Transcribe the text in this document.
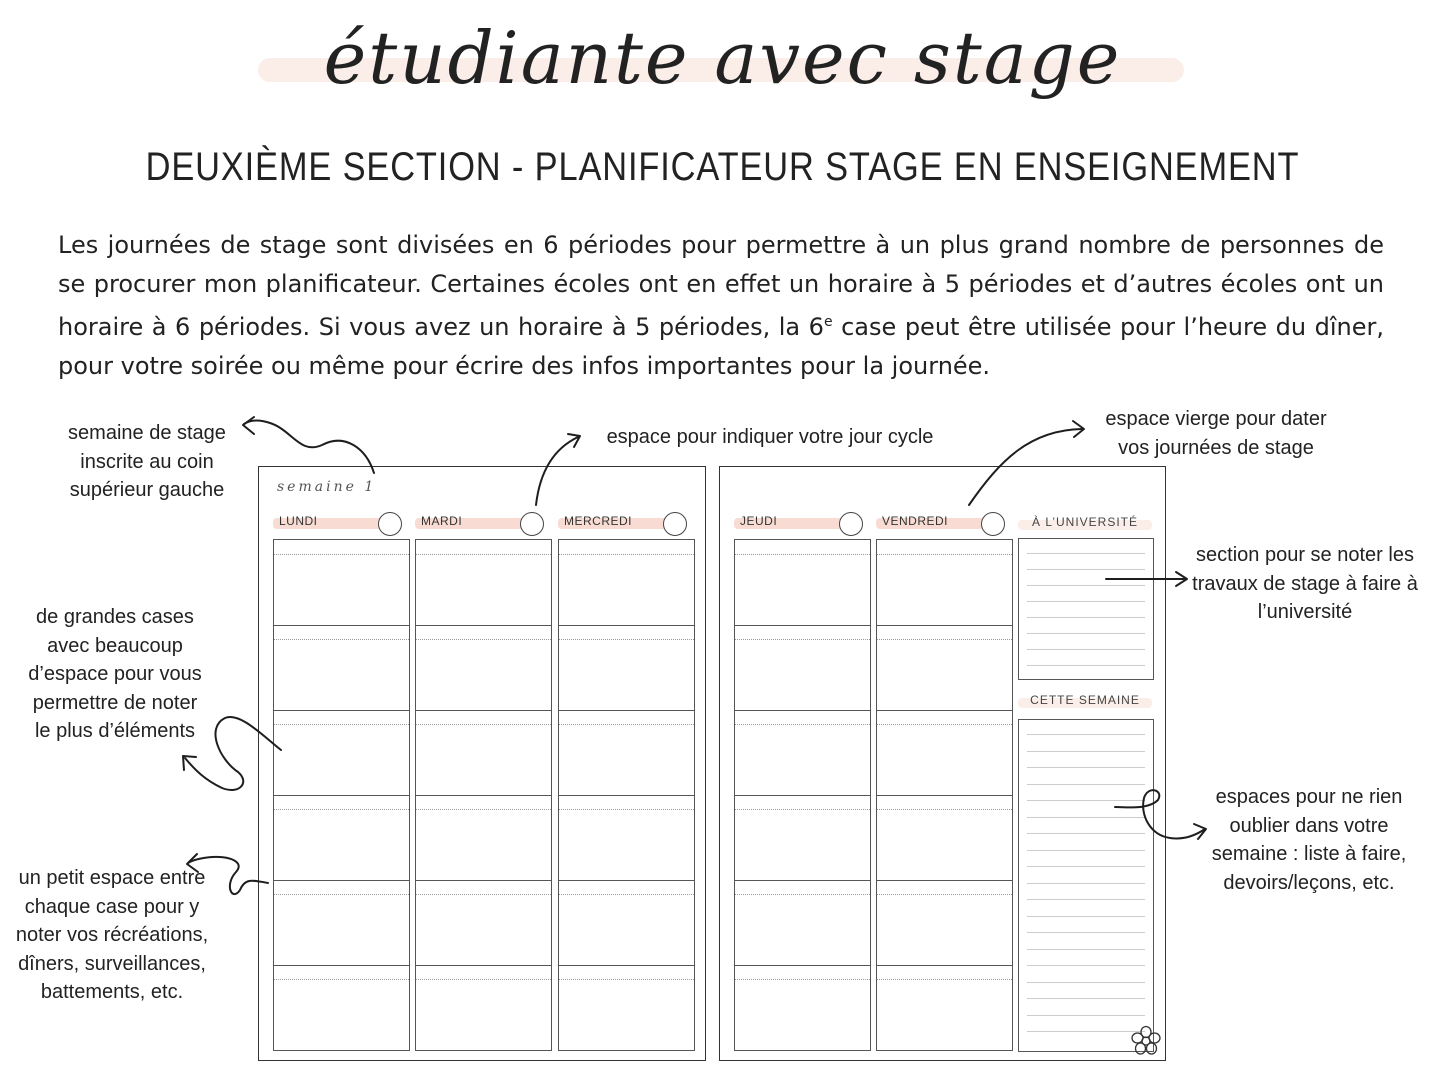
étudiante avec stage
DEUXIÈME SECTION - PLANIFICATEUR STAGE EN ENSEIGNEMENT
Les journées de stage sont divisées en 6 périodes pour permettre à un plus grand nombre de personnes de se procurer mon planificateur. Certaines écoles ont en effet un horaire à 5 périodes et d’autres écoles ont un horaire à 6 périodes. Si vous avez un horaire à 5 périodes, la 6e case peut être utilisée pour l’heure du dîner, pour votre soirée ou même pour écrire des infos importantes pour la journée.
semaine de stage inscrite au coin supérieur gauche
espace pour indiquer votre jour cycle
espace vierge pour dater vos journées de stage
de grandes cases avec beaucoup d’espace pour vous permettre de noter le plus d’éléments
un petit espace entre chaque case pour y noter vos récréations, dîners, surveillances, battements, etc.
section pour se noter les travaux de stage à faire à l’université
espaces pour ne rien oublier dans votre semaine : liste à faire, devoirs/leçons, etc.
semaine 1
LUNDI	MARDI	MERCREDI	JEUDI	VENDREDI	À L’UNIVERSITÉ
CETTE SEMAINE
